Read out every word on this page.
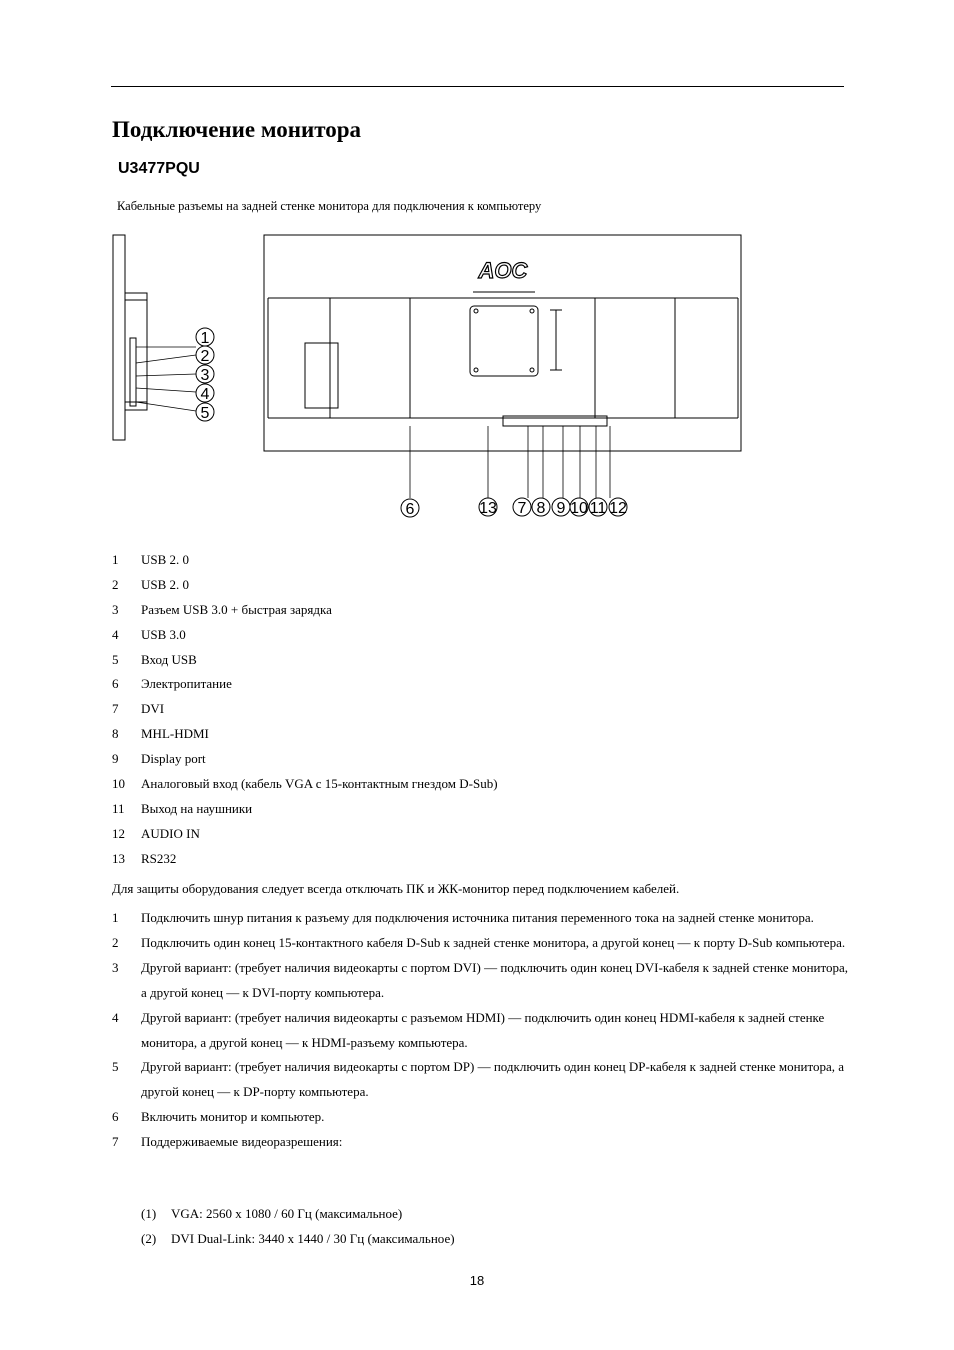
Подключение монитора
U3477PQU
Кабельные разъемы на задней стенке монитора для подключения к компьютеру
1
2
3
4
5
AOC
6	13 7 8 9 10 11 12
1	USB 2. 0
2	USB 2. 0
3	Разъем USB 3.0 + быстрая зарядка
4	USB 3.0
5	Вход USB
6	Электропитание
7	DVI
8	MHL-HDMI
9	Display port
10	Аналоговый вход (кабель VGA с 15-контактным гнездом D-Sub)
11	Выход на наушники
12	AUDIO IN
13	RS232
Для защиты оборудования следует всегда отключать ПК и ЖК-монитор перед подключением кабелей.
1	Подключить шнур питания к разъему для подключения источника питания переменного тока на задней стенке монитора.
2	Подключить один конец 15-контактного кабеля D-Sub к задней стенке монитора, а другой конец — к порту D-Sub компьютера.
3	Другой вариант: (требует наличия видеокарты с портом DVI) — подключить один конец DVI-кабеля к задней стенке монитора, а другой конец — к DVI-порту компьютера.
4	Другой вариант: (требует наличия видеокарты с разъемом HDMI) — подключить один конец HDMI-кабеля к задней стенке монитора, а другой конец — к HDMI-разъему компьютера.
5	Другой вариант: (требует наличия видеокарты с портом DP) — подключить один конец DP-кабеля к задней стенке монитора, а другой конец — к DP-порту компьютера.
6	Включить монитор и компьютер.
7	Поддерживаемые видеоразрешения:
(1)	VGA: 2560 x 1080 / 60 Гц (максимальное)
(2)	DVI Dual-Link: 3440 x 1440 / 30 Гц (максимальное)
18
